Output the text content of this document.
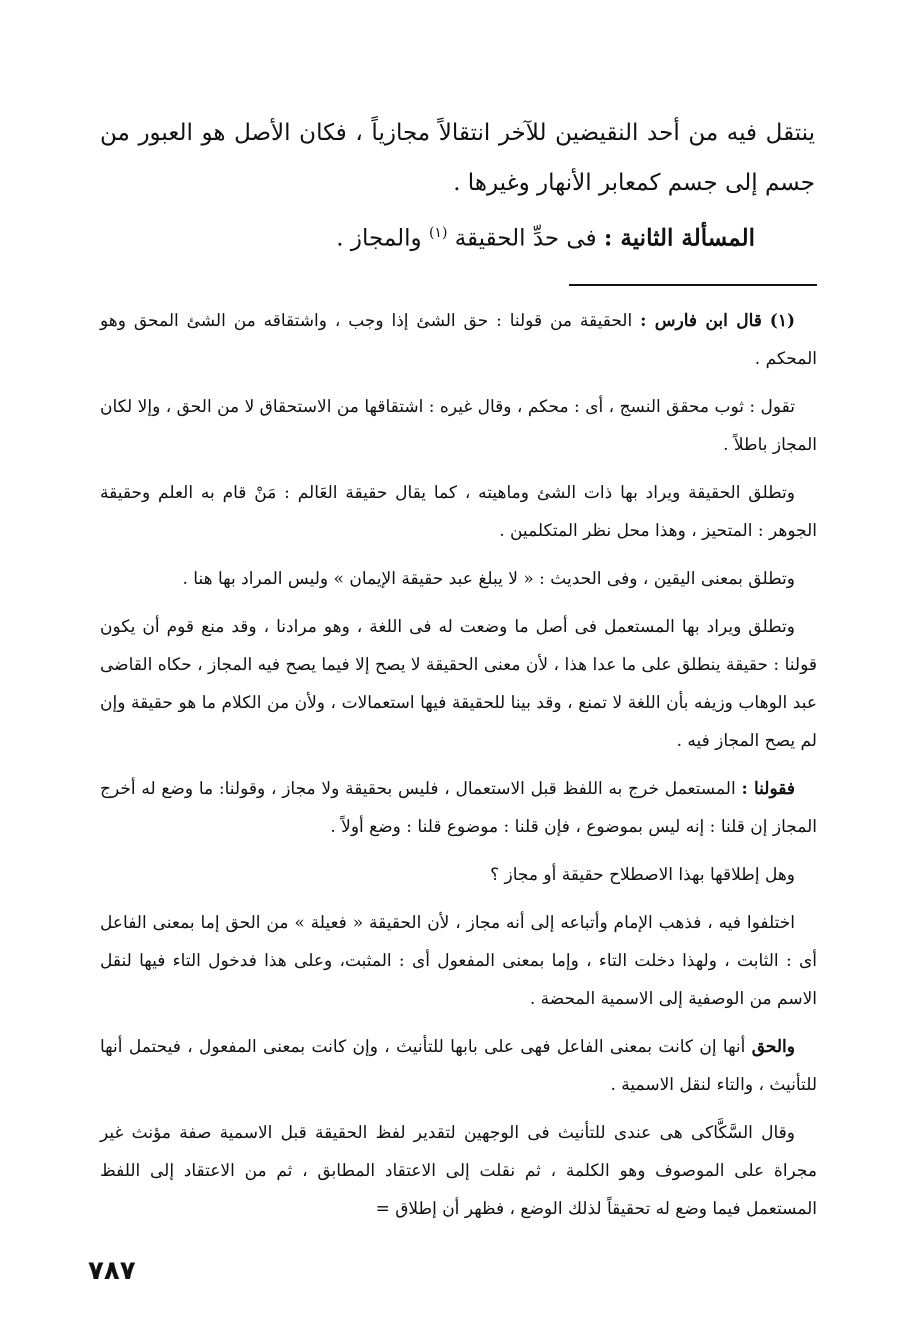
ينتقل فيه من أحد النقيضين للآخر انتقالاً مجازياً ، فكان الأصل هو العبور من جسم إلى جسم كمعابر الأنهار وغيرها .

المسألة الثانية : فى حدِّ الحقيقة $^{(١)}$ والمجاز .

(١) قال ابن فارس : الحقيقة من قولنا : حق الشئ إذا وجب ، واشتقاقه من الشئ المحق وهو المحكم .

تقول : ثوب محقق النسج ، أى : محكم ، وقال غيره : اشتقاقها من الاستحقاق لا من الحق ، وإلا لكان المجاز باطلاً .

وتطلق الحقيقة ويراد بها ذات الشئ وماهيته ، كما يقال حقيقة العَالم : مَنْ قام به العلم وحقيقة الجوهر : المتحيز ، وهذا محل نظر المتكلمين .

وتطلق بمعنى اليقين ، وفى الحديث : « لا يبلغ عبد حقيقة الإيمان » وليس المراد بها هنا .

وتطلق ويراد بها المستعمل فى أصل ما وضعت له فى اللغة ، وهو مرادنا ، وقد منع قوم أن يكون قولنا : حقيقة ينطلق على ما عدا هذا ، لأن معنى الحقيقة لا يصح إلا فيما يصح فيه المجاز ، حكاه القاضى عبد الوهاب وزيفه بأن اللغة لا تمنع ، وقد بينا للحقيقة فيها استعمالات ، ولأن من الكلام ما هو حقيقة وإن لم يصح المجاز فيه .

فقولنا : المستعمل خرج به اللفظ قبل الاستعمال ، فليس بحقيقة ولا مجاز ، وقولنا: ما وضع له أخرج المجاز إن قلنا : إنه ليس بموضوع ، فإن قلنا : موضوع قلنا : وضع أولاً .

وهل إطلاقها بهذا الاصطلاح حقيقة أو مجاز ؟

اختلفوا فيه ، فذهب الإمام وأتباعه إلى أنه مجاز ، لأن الحقيقة « فعيلة » من الحق إما بمعنى الفاعل أى : الثابت ، ولهذا دخلت التاء ، وإما بمعنى المفعول أى : المثبت، وعلى هذا فدخول التاء فيها لنقل الاسم من الوصفية إلى الاسمية المحضة .

والحق أنها إن كانت بمعنى الفاعل فهى على بابها للتأنيث ، وإن كانت بمعنى المفعول ، فيحتمل أنها للتأنيث ، والتاء لنقل الاسمية .

وقال السَّكَّاكى هى عندى للتأنيث فى الوجهين لتقدير لفظ الحقيقة قبل الاسمية صفة مؤنث غير مجراة على الموصوف وهو الكلمة ، ثم نقلت إلى الاعتقاد المطابق ، ثم من الاعتقاد إلى اللفظ المستعمل فيما وضع له تحقيقاً لذلك الوضع ، فظهر أن إطلاق =

٧٨٧
